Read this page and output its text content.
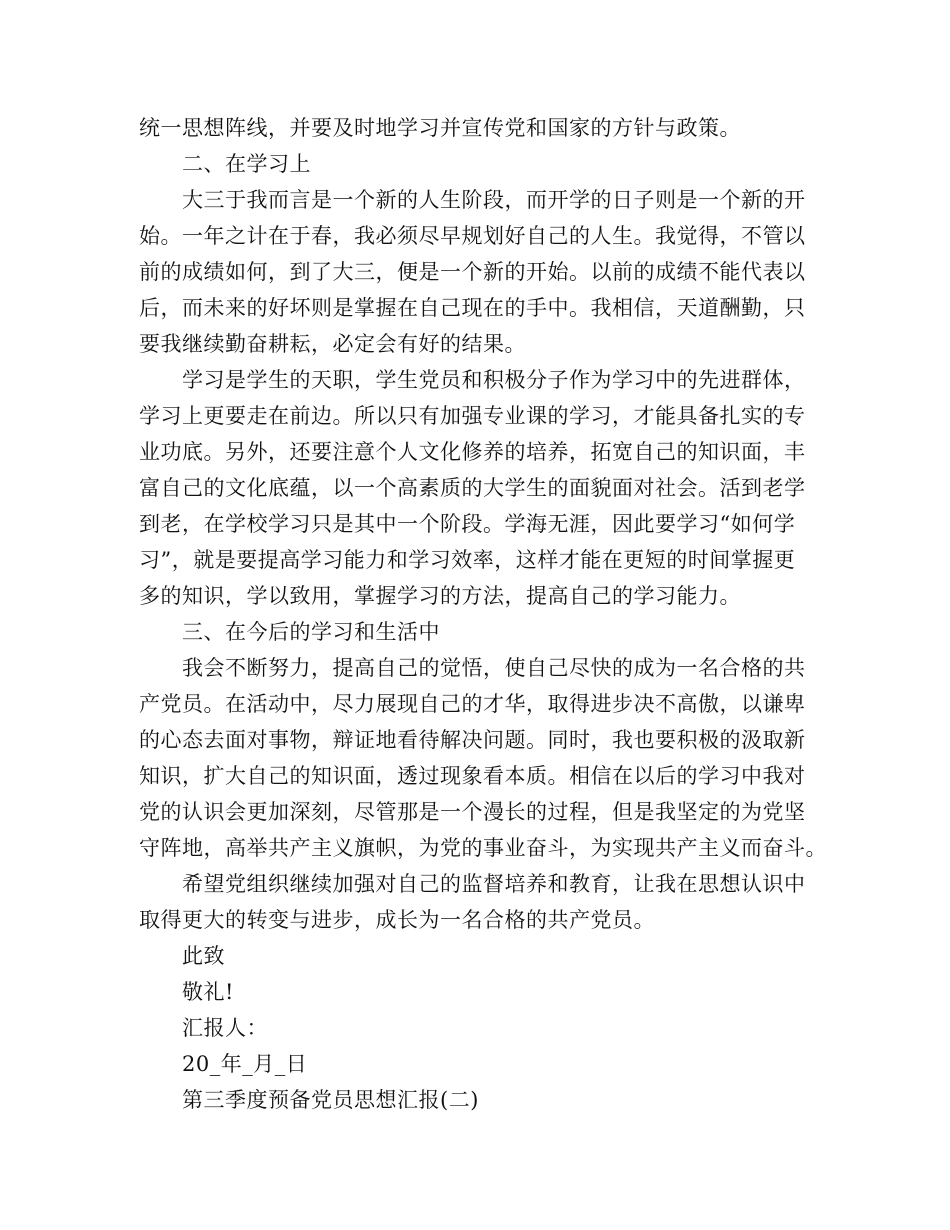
统一思想阵线，并要及时地学习并宣传党和国家的方针与政策。

二、在学习上

大三于我而言是一个新的人生阶段，而开学的日子则是一个新的开

始。一年之计在于春，我必须尽早规划好自己的人生。我觉得，不管以

前的成绩如何，到了大三，便是一个新的开始。以前的成绩不能代表以

后，而未来的好坏则是掌握在自己现在的手中。我相信，天道酬勤，只

要我继续勤奋耕耘，必定会有好的结果。

学习是学生的天职，学生党员和积极分子作为学习中的先进群体，

学习上更要走在前边。所以只有加强专业课的学习，才能具备扎实的专

业功底。另外，还要注意个人文化修养的培养，拓宽自己的知识面，丰

富自己的文化底蕴，以一个高素质的大学生的面貌面对社会。活到老学

到老，在学校学习只是其中一个阶段。学海无涯，因此要学习“如何学

习”，就是要提高学习能力和学习效率，这样才能在更短的时间掌握更

多的知识，学以致用，掌握学习的方法，提高自己的学习能力。

三、在今后的学习和生活中

我会不断努力，提高自己的觉悟，使自己尽快的成为一名合格的共

产党员。在活动中，尽力展现自己的才华，取得进步决不高傲，以谦卑

的心态去面对事物，辩证地看待解决问题。同时，我也要积极的汲取新

知识，扩大自己的知识面，透过现象看本质。相信在以后的学习中我对

党的认识会更加深刻，尽管那是一个漫长的过程，但是我坚定的为党坚

守阵地，高举共产主义旗帜，为党的事业奋斗，为实现共产主义而奋斗。

希望党组织继续加强对自己的监督培养和教育，让我在思想认识中

取得更大的转变与进步，成长为一名合格的共产党员。

此致

敬礼!

汇报人：

20_年_月_日

第三季度预备党员思想汇报(二)
